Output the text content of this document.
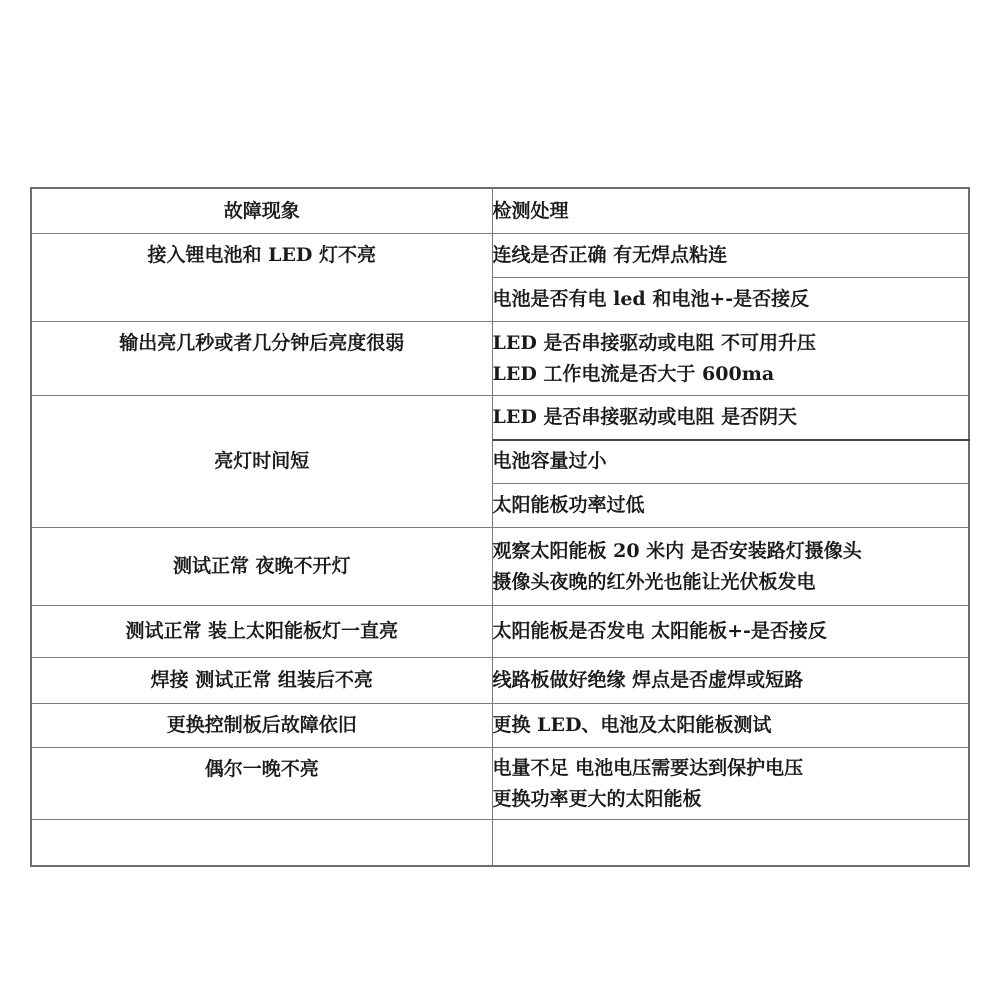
故障现象	检测处理

接入锂电池和 LED 灯不亮	连线是否正确 有无焊点粘连

	电池是否有电 led 和电池+-是否接反

输出亮几秒或者几分钟后亮度很弱	LED 是否串接驱动或电阻 不可用升压
LED 工作电流是否大于 600ma

亮灯时间短	LED 是否串接驱动或电阻 是否阴天

	电池容量过小

	太阳能板功率过低

测试正常 夜晚不开灯	观察太阳能板 20 米内 是否安装路灯摄像头
摄像头夜晚的红外光也能让光伏板发电

测试正常 装上太阳能板灯一直亮	太阳能板是否发电 太阳能板+-是否接反

焊接 测试正常 组装后不亮	线路板做好绝缘 焊点是否虚焊或短路

更换控制板后故障依旧	更换 LED、电池及太阳能板测试

偶尔一晚不亮	电量不足 电池电压需要达到保护电压
更换功率更大的太阳能板
